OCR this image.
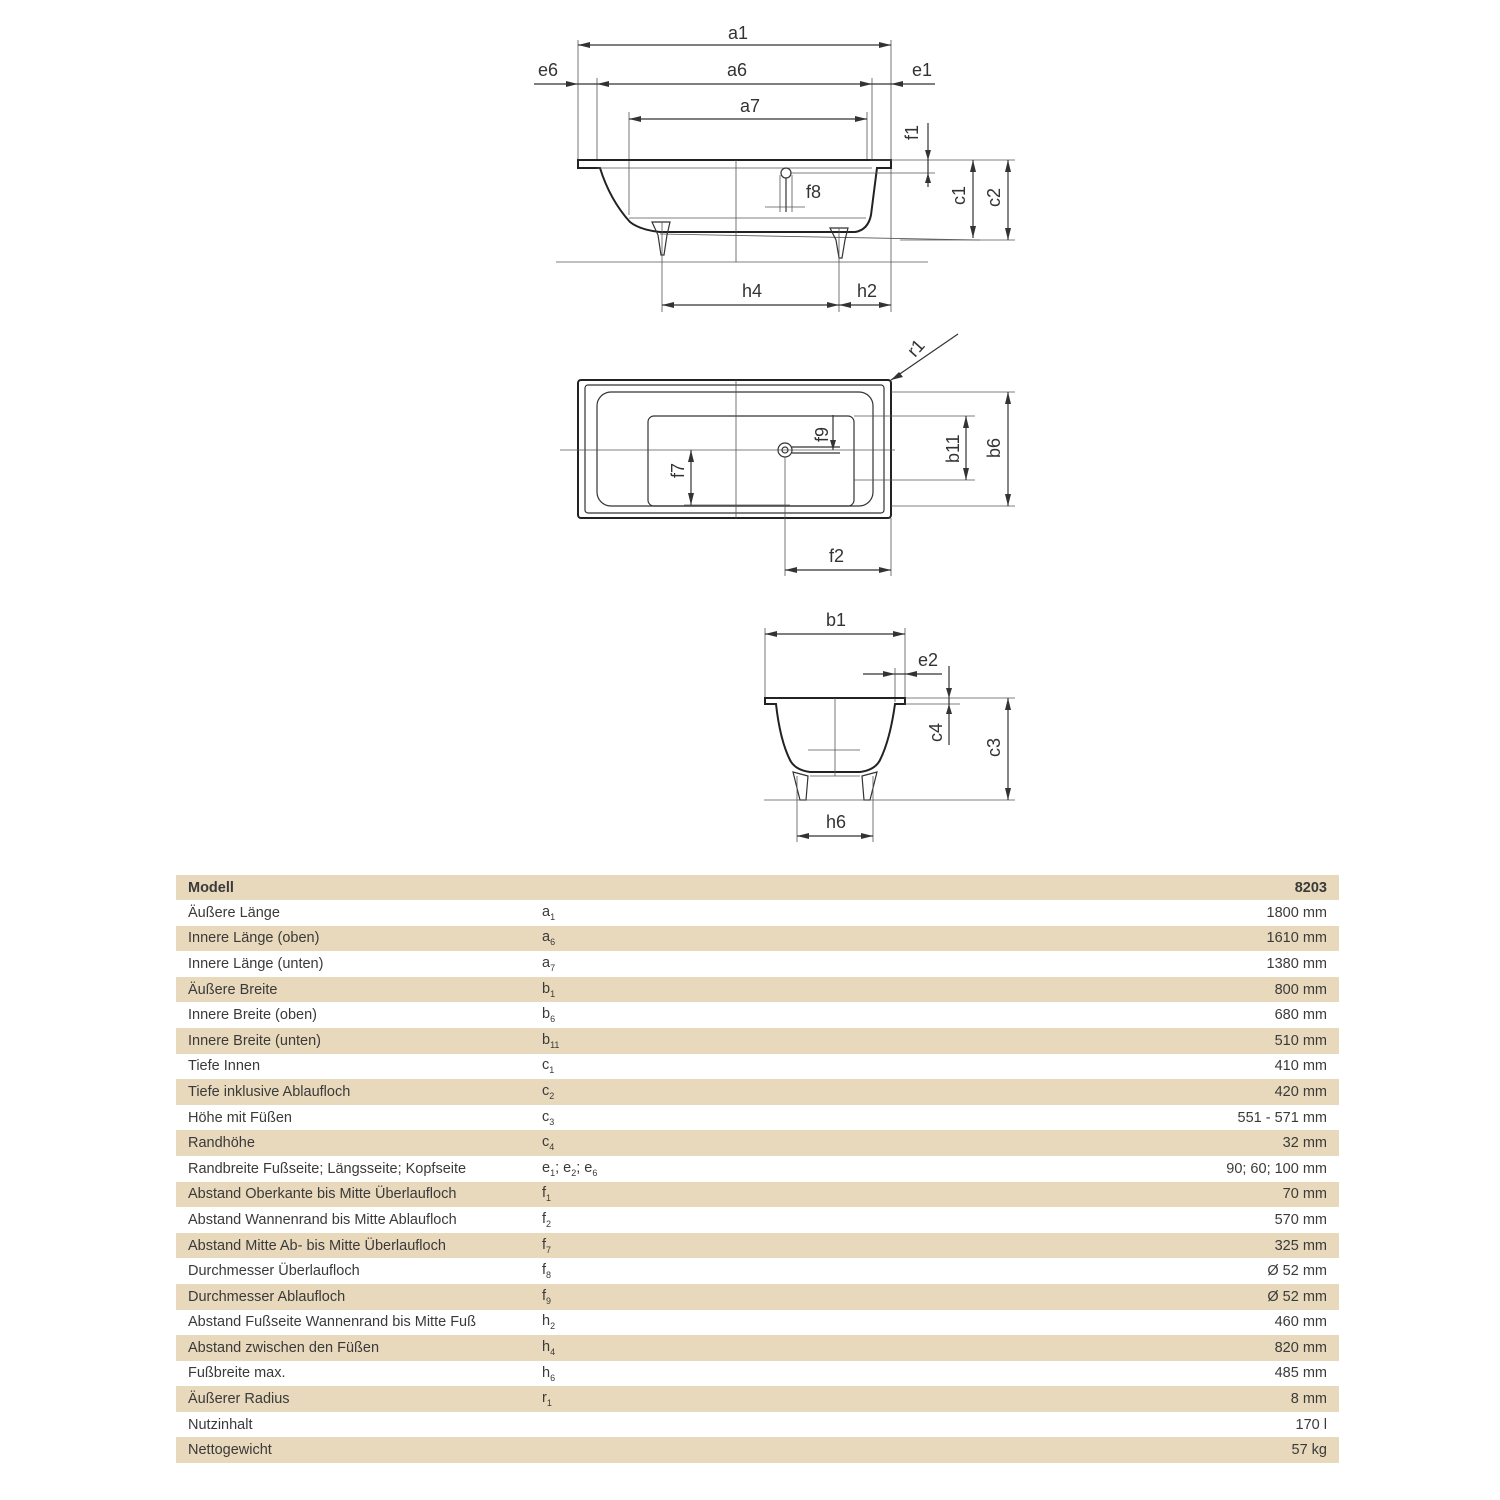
a1
a6
e6	e1
a7
f8
f1
c1 c2
h4	h2
r1
f9
f7
b11 b6
f2
b1
e2
c4
c3
h6
Modell		8203
Äußere Länge	$a_1$	1800 mm
Innere Länge (oben)	$a_6$	1610 mm
Innere Länge (unten)	$a_7$	1380 mm
Äußere Breite	$b_1$	800 mm
Innere Breite (oben)	$b_6$	680 mm
Innere Breite (unten)	$b_{11}$	510 mm
Tiefe Innen	$c_1$	410 mm
Tiefe inklusive Ablaufloch	$c_2$	420 mm
Höhe mit Füßen	$c_3$	551 - 571 mm
Randhöhe	$c_4$	32 mm
Randbreite Fußseite; Längsseite; Kopfseite	$e_1$; $e_2$; $e_6$	90; 60; 100 mm
Abstand Oberkante bis Mitte Überlaufloch	$f_1$	70 mm
Abstand Wannenrand bis Mitte Ablaufloch	$f_2$	570 mm
Abstand Mitte Ab- bis Mitte Überlaufloch	$f_7$	325 mm
Durchmesser Überlaufloch	$f_8$	Ø 52 mm
Durchmesser Ablaufloch	$f_9$	Ø 52 mm
Abstand Fußseite Wannenrand bis Mitte Fuß	$h_2$	460 mm
Abstand zwischen den Füßen	$h_4$	820 mm
Fußbreite max.	$h_6$	485 mm
Äußerer Radius	$r_1$	8 mm
Nutzinhalt		170 l
Nettogewicht		57 kg
